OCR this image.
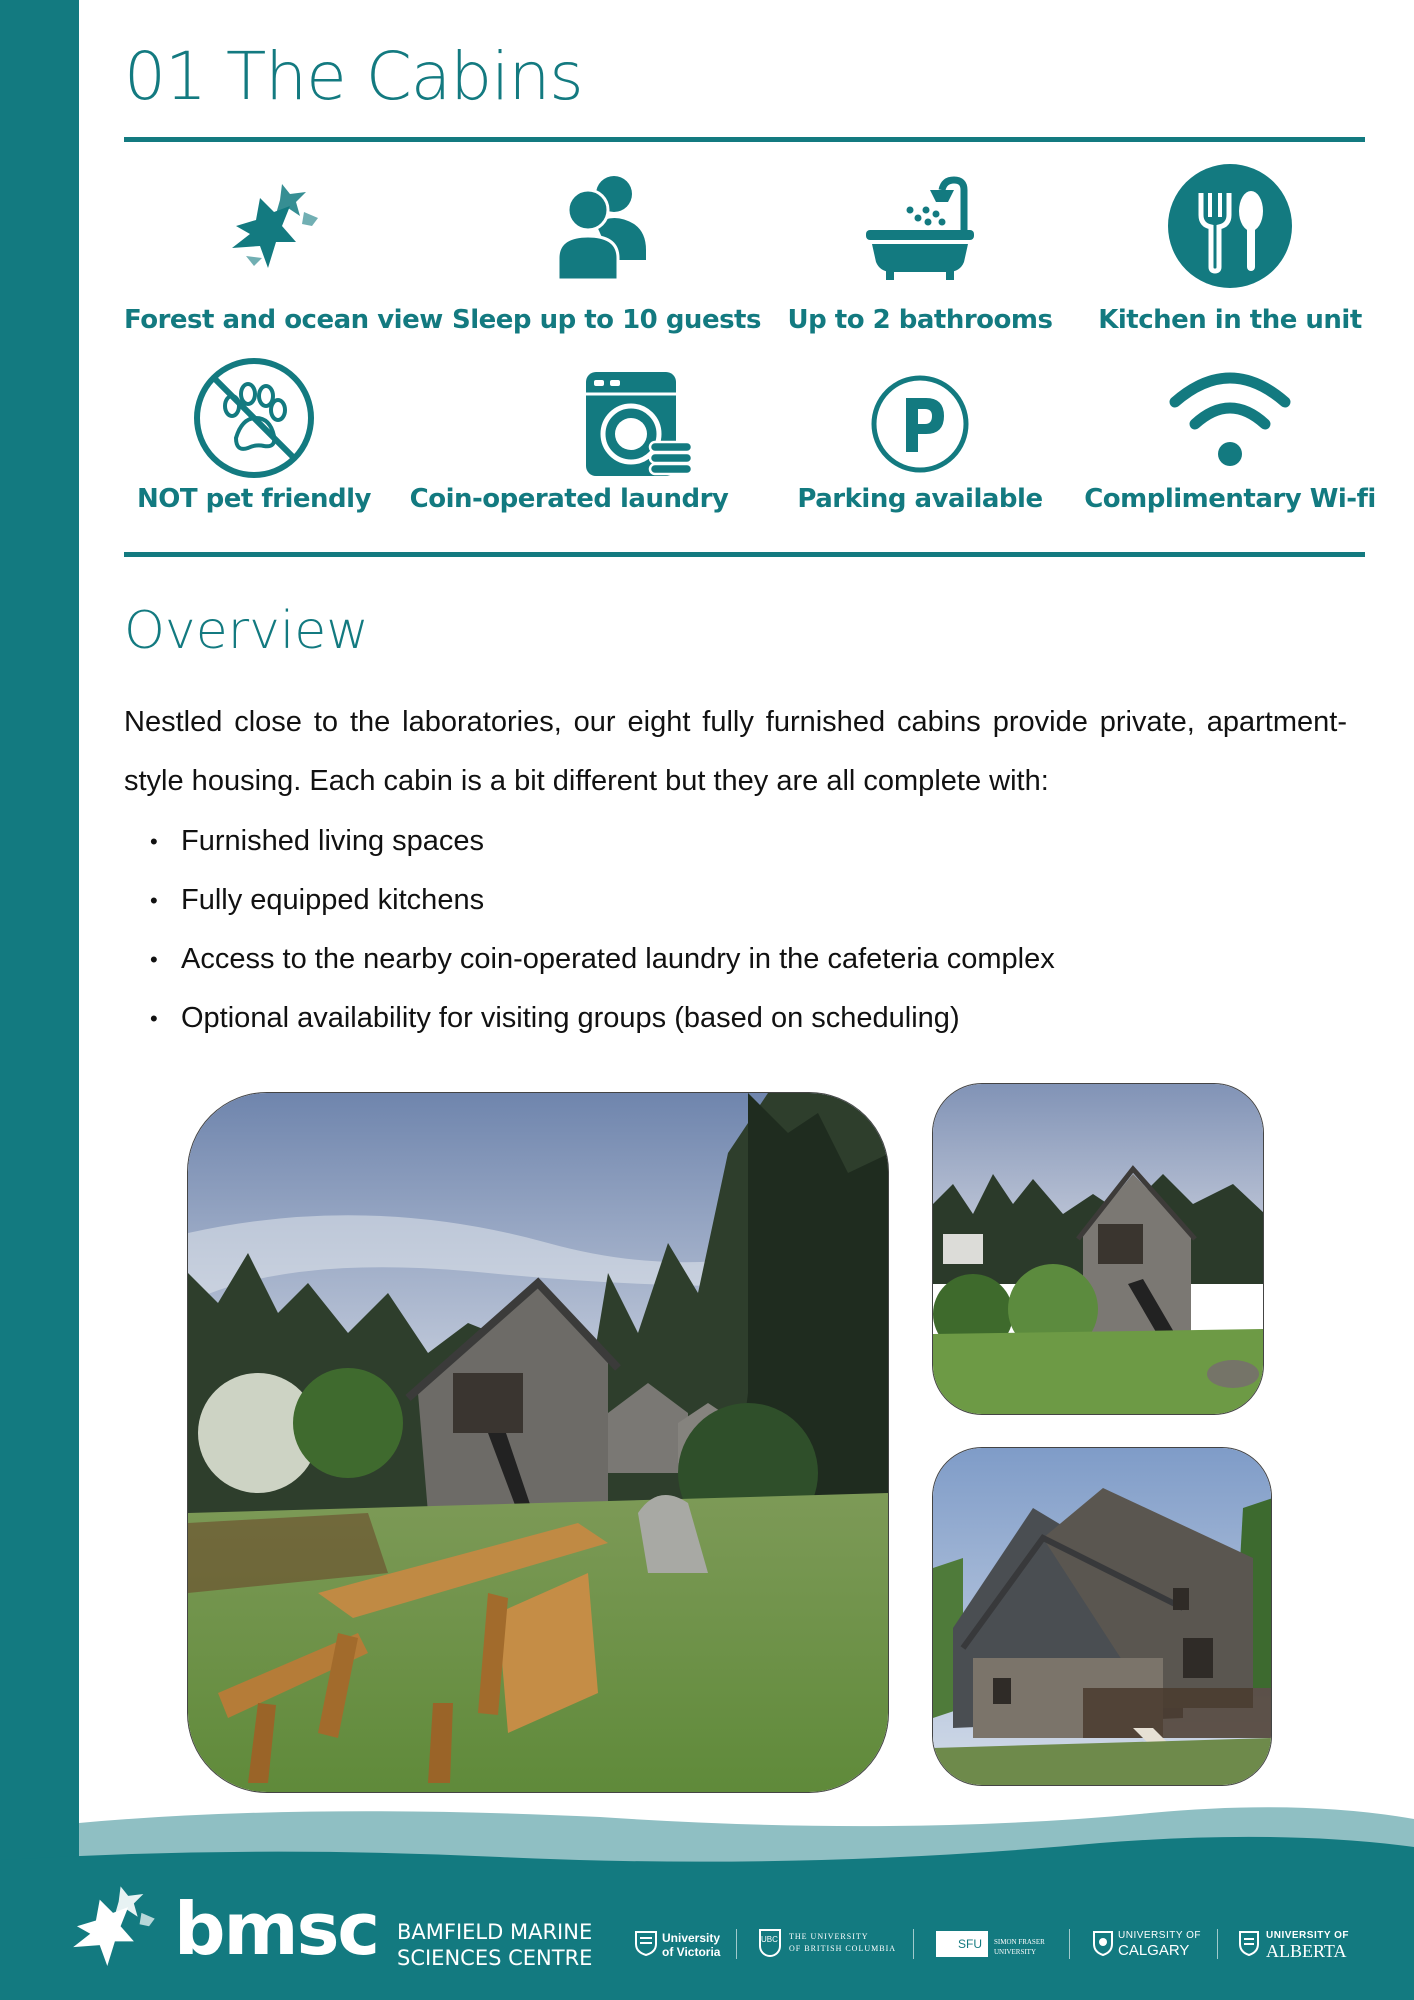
01 The Cabins
Forest and ocean view Sleep up to 10 guests	Up to 2 bathrooms	Kitchen in the unit
NOT pet friendly	Coin-operated laundry	Parking available	Complimentary Wi-fi
Overview

Nestled close to the laboratories, our eight fully furnished cabins provide private, apartment-style housing. Each cabin is a bit different but they are all complete with:

• Furnished living spaces
• Fully equipped kitchens
• Access to the nearby coin-operated laundry in the cafeteria complex
• Optional availability for visiting groups (based on scheduling)
bmsc BAMFIELD MARINE
SCIENCES CENTRE
University
of Victoria
UBC THE UNIVERSITY
OF BRITISH COLUMBIA	SFU SIMON FRASER
UNIVERSITY
UNIVERSITY OF
CALGARY
UNIVERSITY OF
ALBERTA
